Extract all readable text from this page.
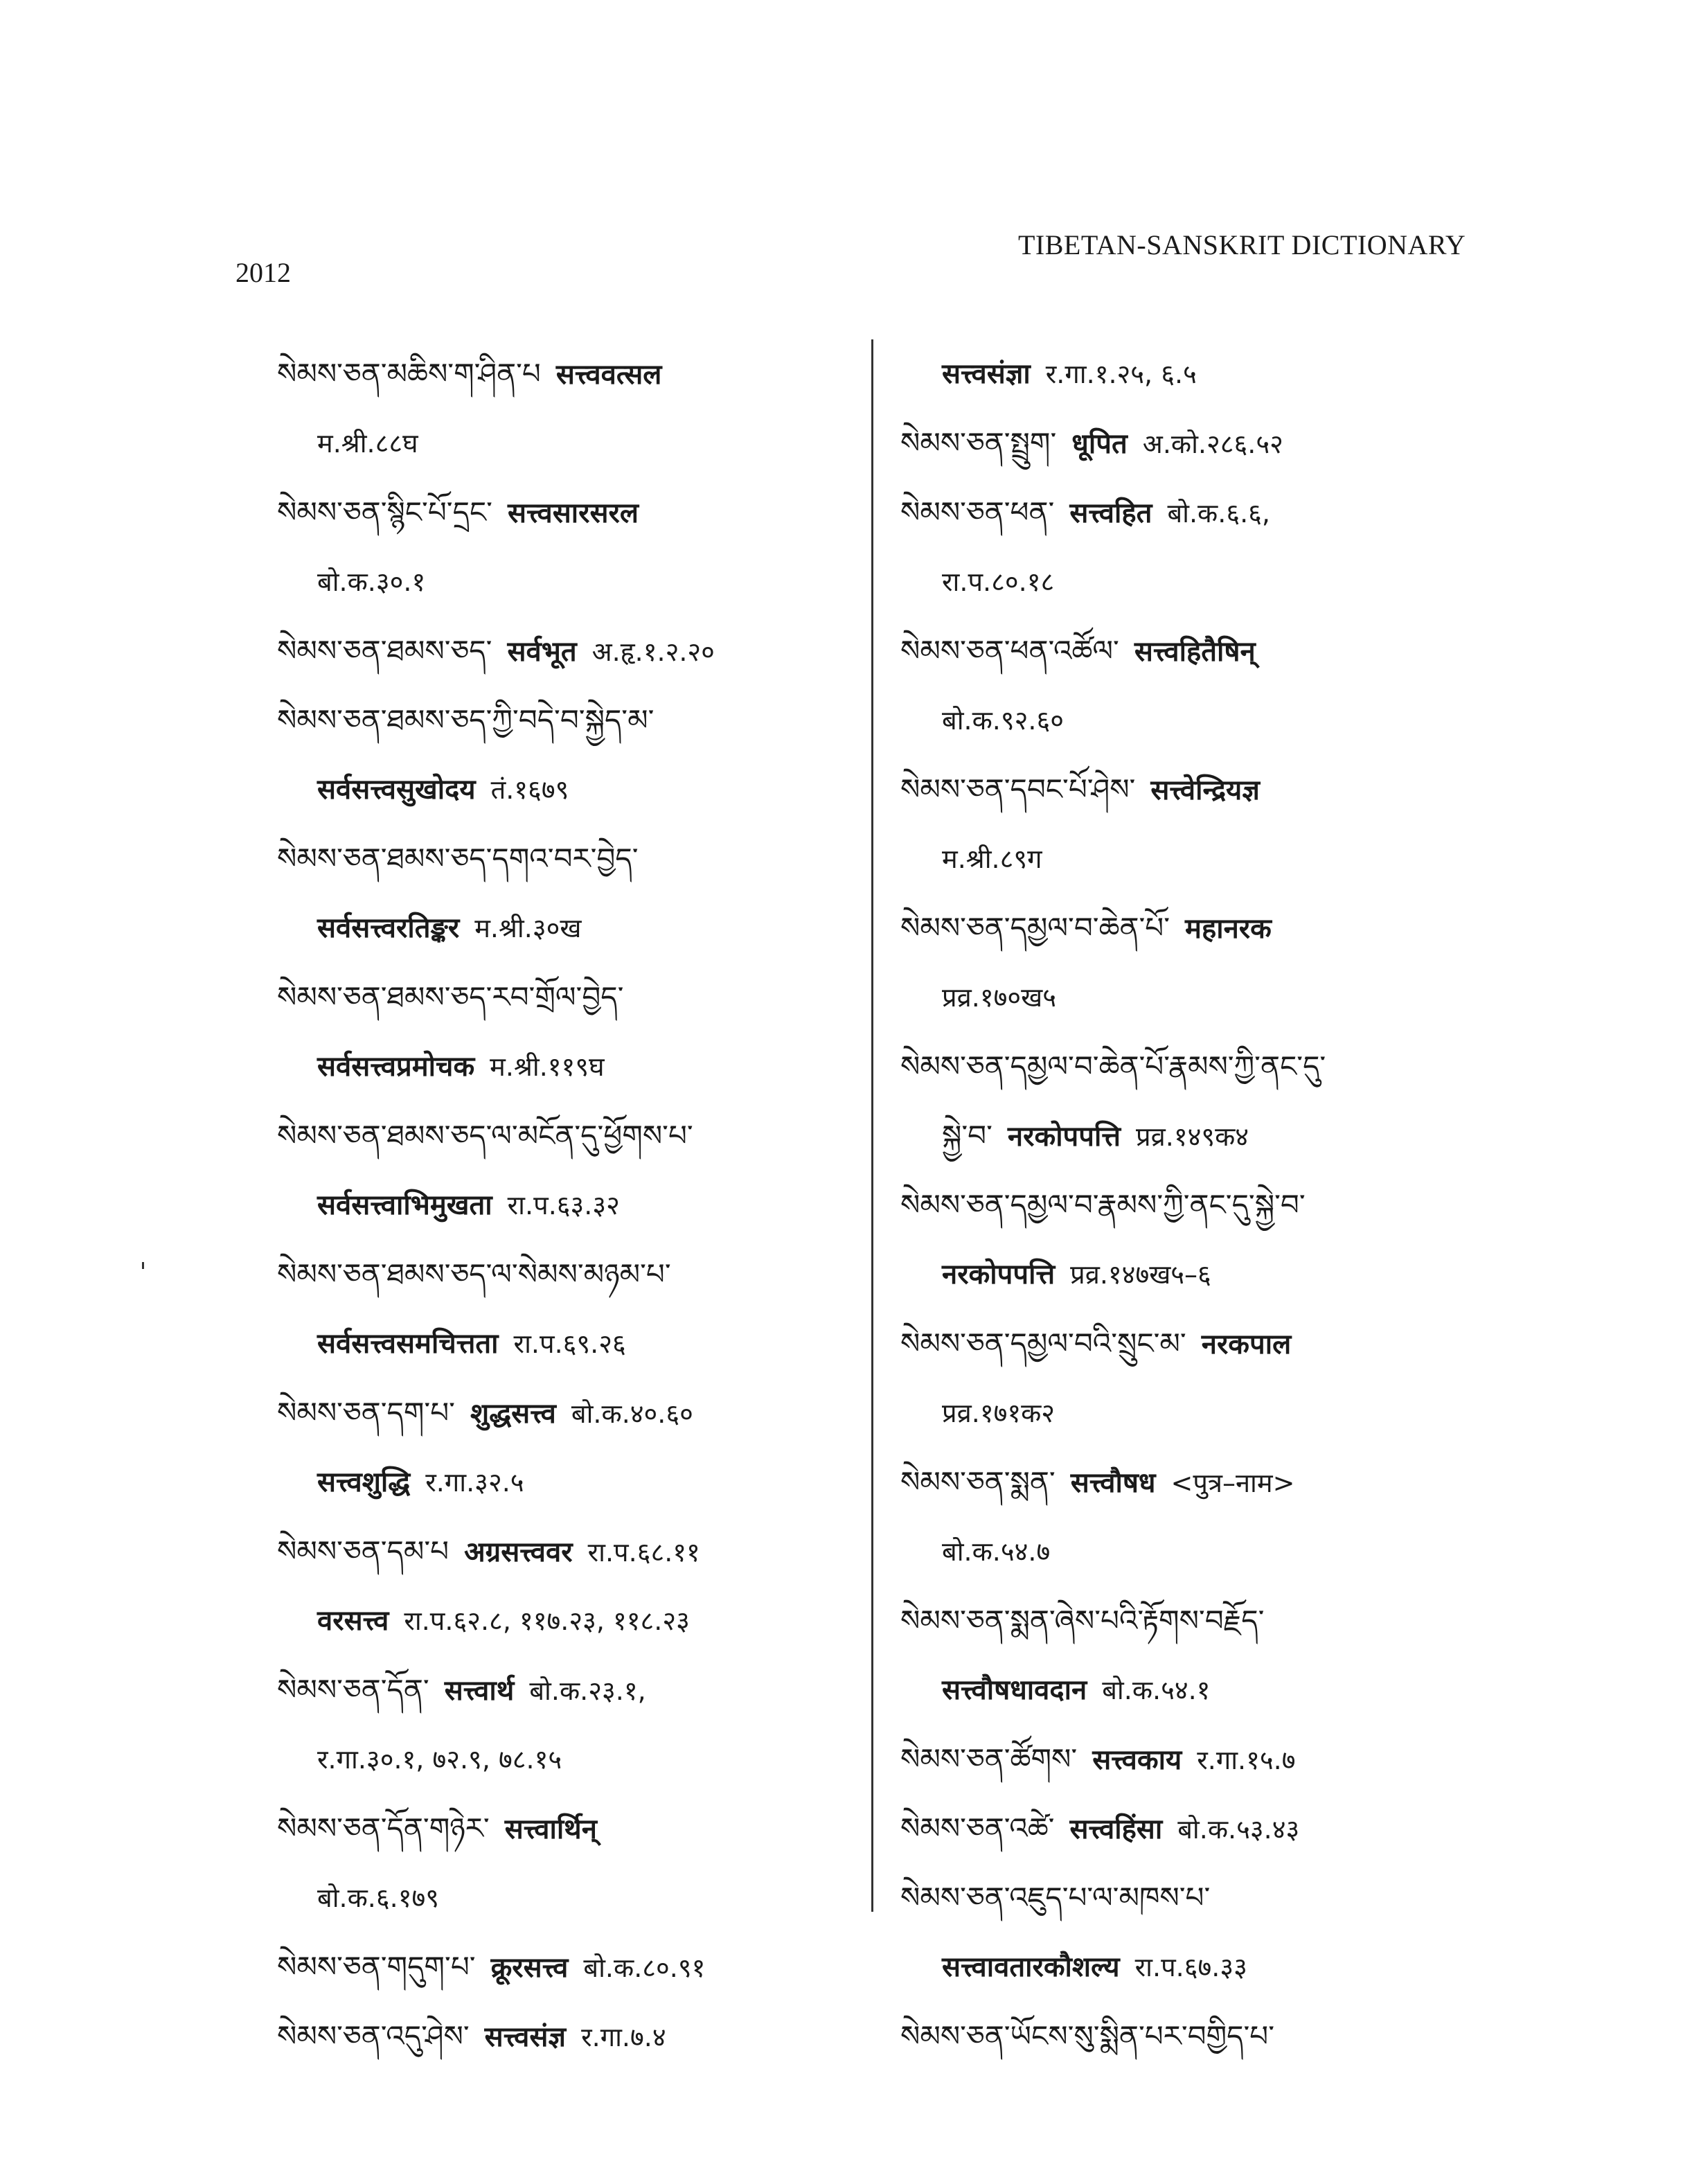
2012
TIBETAN-SANSKRIT DICTIONARY
སེམས་ཅན་མཆིས་ག་ཤིན་པ सत्त्ववत्सल
म.श्री.८८घ
སེམས་ཅན་སྙིང་པོ་དྲང་ सत्त्वसारसरल
बो.क.३०.१
སེམས་ཅན་ཐམས་ཅད་ सर्वभूत अ.हृ.१.२.२०
སེམས་ཅན་ཐམས་ཅད་ཀྱི་བདེ་བ་སྐྱེད་མ་
सर्वसत्त्वसुखोदय तं.१६७९
སེམས་ཅན་ཐམས་ཅད་དགའ་བར་བྱེད་
सर्वसत्त्वरतिङ्कर म.श्री.३०ख
སེམས་ཅན་ཐམས་ཅད་རབ་གྲོལ་བྱེད་
सर्वसत्त्वप्रमोचक म.श्री.११९घ
སེམས་ཅན་ཐམས་ཅད་ལ་མངོན་དུ་ཕྱོགས་པ་
सर्वसत्त्वाभिमुखता रा.प.६३.३२
སེམས་ཅན་ཐམས་ཅད་ལ་སེམས་མཉམ་པ་
सर्वसत्त्वसमचित्तता रा.प.६९.२६
སེམས་ཅན་དག་པ་ शुद्धसत्त्व बो.क.४०.६०
सत्त्वशुद्धि र.गा.३२.५
སེམས་ཅན་དམ་པ अग्रसत्त्ववर रा.प.६८.११
वरसत्त्व रा.प.६२.८, ११७.२३, ११८.२३
སེམས་ཅན་དོན་ सत्त्वार्थ बो.क.२३.१,
र.गा.३०.१, ७२.९, ७८.१५
སེམས་ཅན་དོན་གཉེར་ सत्त्वार्थिन्
बो.क.६.१७९
སེམས་ཅན་གདུག་པ་ क्रूरसत्त्व बो.क.८०.९१
སེམས་ཅན་འདུ་ཤེས་ सत्त्वसंज्ञ र.गा.७.४
सत्त्वसंज्ञा र.गा.१.२५, ६.५
སེམས་ཅན་སྤྲུག་ धूपित अ.को.२८६.५२
སེམས་ཅན་ཕན་ सत्त्वहित बो.क.६.६,
रा.प.८०.१८
སེམས་ཅན་ཕན་འཚོལ་ सत्त्वहितैषिन्
बो.क.९२.६०
སེམས་ཅན་དབང་པོ་ཤེས་ सत्त्वेन्द्रियज्ञ
म.श्री.८९ग
སེམས་ཅན་དམྱལ་བ་ཆེན་པོ་ महानरक
प्रव्र.१७०ख५
སེམས་ཅན་དམྱལ་བ་ཆེན་པོ་རྣམས་ཀྱི་ནང་དུ་
སྐྱེ་བ་ नरकोपपत्ति प्रव्र.१४९क४
སེམས་ཅན་དམྱལ་བ་རྣམས་ཀྱི་ནང་དུ་སྐྱེ་བ་
नरकोपपत्ति प्रव्र.१४७ख५–६
སེམས་ཅན་དམྱལ་བའི་སྲུང་མ་ नरकपाल
प्रव्र.१७१क२
སེམས་ཅན་སྨན་ सत्त्वौषध <पुत्र–नाम>
बो.क.५४.७
སེམས་ཅན་སྨན་ཞེས་པའི་རྟོགས་བརྗོད་
सत्त्वौषधावदान बो.क.५४.१
སེམས་ཅན་ཚོགས་ सत्त्वकाय र.गा.१५.७
སེམས་ཅན་འཚེ་ सत्त्वहिंसा बो.क.५३.४३
སེམས་ཅན་འཇུད་པ་ལ་མཁས་པ་
सत्त्वावतारकौशल्य रा.प.६७.३३
སེམས་ཅན་ཡོངས་སུ་སྨིན་པར་བགྱིད་པ་
